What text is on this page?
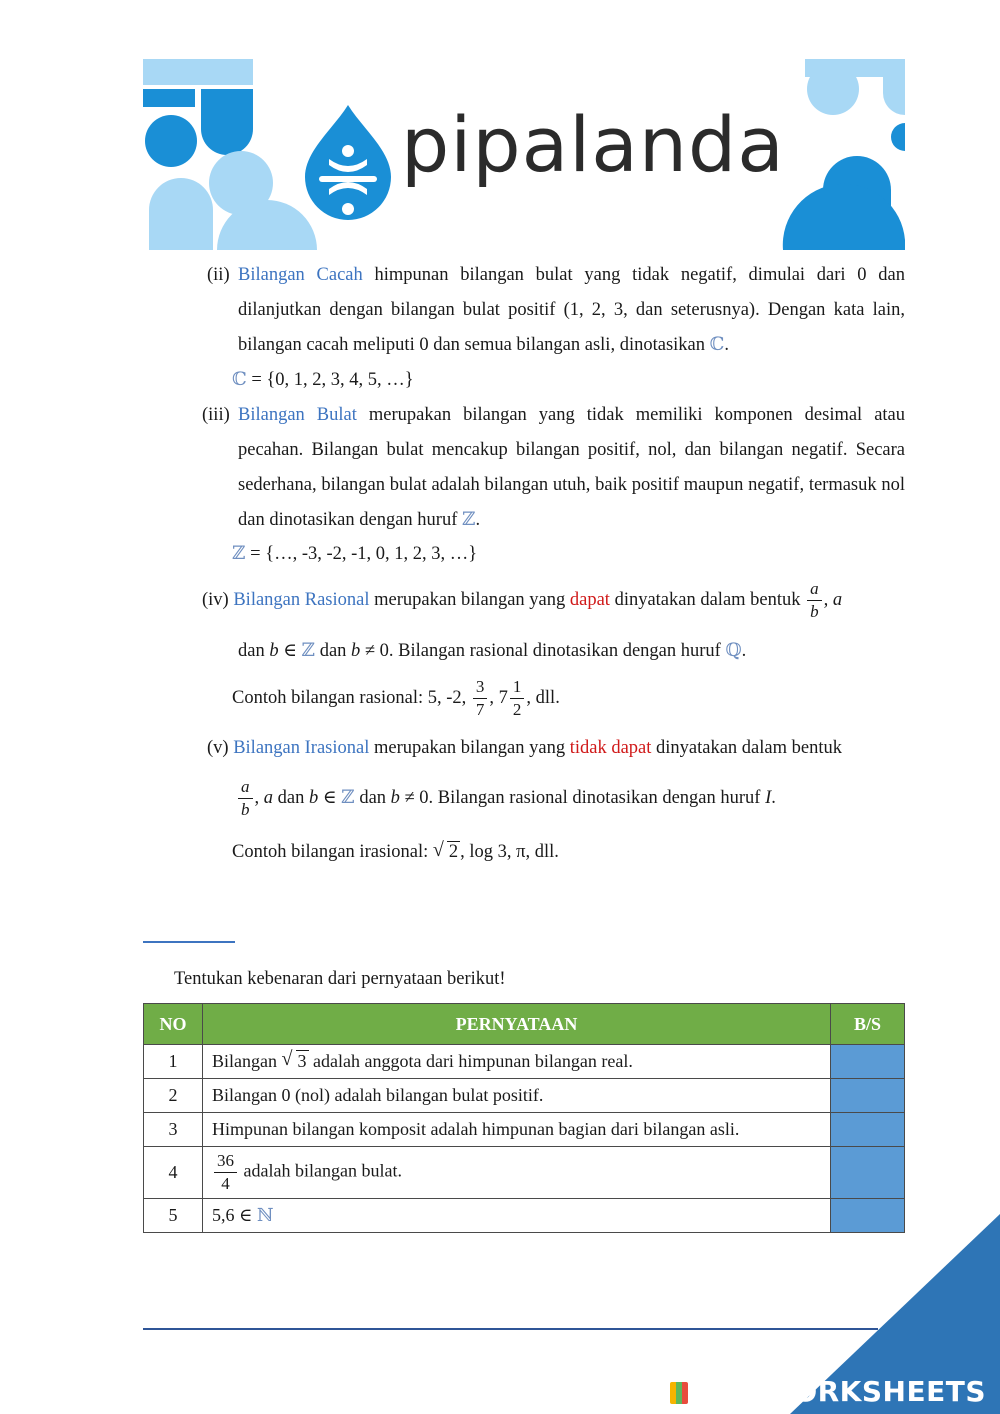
pipalanda
(ii) Bilangan Cacah himpunan bilangan bulat yang tidak negatif, dimulai dari 0 dan dilanjutkan dengan bilangan bulat positif (1, 2, 3, dan seterusnya). Dengan kata lain, bilangan cacah meliputi 0 dan semua bilangan asli, dinotasikan ℂ.
ℂ = {0, 1, 2, 3, 4, 5, …}
(iii) Bilangan Bulat merupakan bilangan yang tidak memiliki komponen desimal atau pecahan. Bilangan bulat mencakup bilangan positif, nol, dan bilangan negatif. Secara sederhana, bilangan bulat adalah bilangan utuh, baik positif maupun negatif, termasuk nol dan dinotasikan dengan huruf ℤ.
ℤ = {…, -3, -2, -1, 0, 1, 2, 3, …}
(iv) Bilangan Rasional merupakan bilangan yang dapat dinyatakan dalam bentuk $\frac{a}{b}$ , a
dan b ∈ ℤ dan b ≠ 0. Bilangan rasional dinotasikan dengan huruf ℚ.
Contoh bilangan rasional: 5, -2, $\frac{3}{7}$ , $7 \frac{1}{2}$ , dll.
(v) Bilangan Irasional merupakan bilangan yang tidak dapat dinyatakan dalam bentuk
$\frac{a}{b}$ , a dan b ∈ ℤ dan b ≠ 0. Bilangan rasional dinotasikan dengan huruf I.
Contoh bilangan irasional: √ 2 , log 3, π, dll.
Tentukan kebenaran dari pernyataan berikut!
NO	PERNYATAAN	B/S
1	Bilangan √ 3 adalah anggota dari himpunan bilangan real.	
2	Bilangan 0 (nol) adalah bilangan bulat positif.	
3	Himpunan bilangan komposit adalah himpunan bagian dari bilangan asli.	
4	$\frac{36}{4}$ adalah bilangan bulat.	
5	5,6 ∈ ℕ	
LIVEWORKSHEETS
